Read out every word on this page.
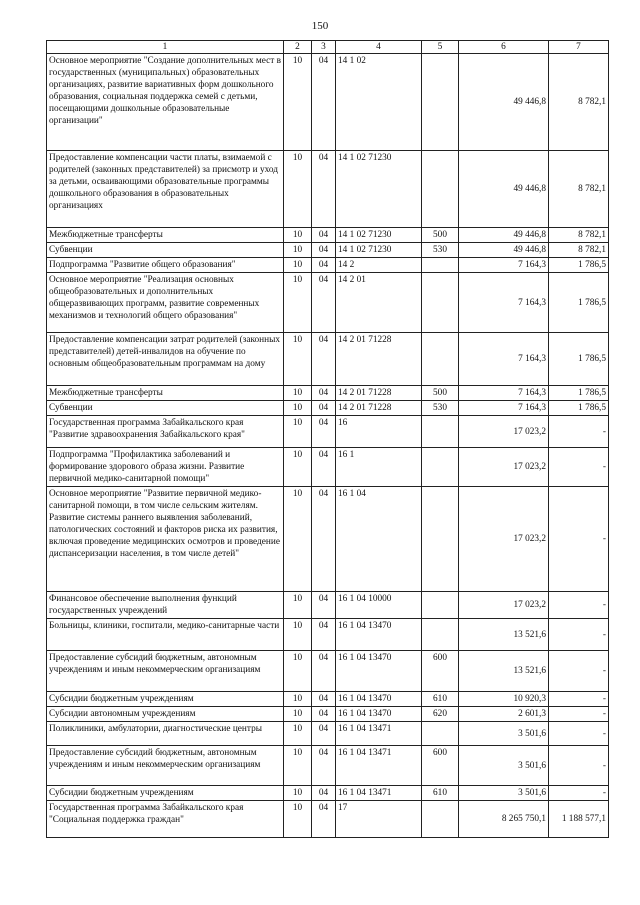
150
1	2	3	4	5	6	7
Основное мероприятие "Создание дополнительных мест в государственных (муниципальных) образовательных организациях, развитие вариативных форм дошкольного образования, социальная поддержка семей с детьми, посещающими дошкольные образовательные организации"	10	04	14 1 02		49 446,8	8 782,1
Предоставление компенсации части платы, взимаемой с родителей (законных представителей) за присмотр и уход за детьми, осваивающими образовательные программы дошкольного образования в образовательных организациях	10	04	14 1 02 71230		49 446,8	8 782,1
Межбюджетные трансферты	10	04	14 1 02 71230	500	49 446,8	8 782,1
Субвенции	10	04	14 1 02 71230	530	49 446,8	8 782,1
Подпрограмма "Развитие общего образования"	10	04	14 2		7 164,3	1 786,5
Основное мероприятие "Реализация основных общеобразовательных и дополнительных общеразвивающих программ, развитие современных механизмов и технологий общего образования"	10	04	14 2 01		7 164,3	1 786,5
Предоставление компенсации затрат родителей (законных представителей) детей-инвалидов на обучение по основным общеобразовательным программам на дому	10	04	14 2 01 71228		7 164,3	1 786,5
Межбюджетные трансферты	10	04	14 2 01 71228	500	7 164,3	1 786,5
Субвенции	10	04	14 2 01 71228	530	7 164,3	1 786,5
Государственная программа Забайкальского края "Развитие здравоохранения Забайкальского края"	10	04	16		17 023,2	-
Подпрограмма "Профилактика заболеваний и формирование здорового образа жизни. Развитие первичной медико-санитарной помощи"	10	04	16 1		17 023,2	-
Основное мероприятие "Развитие первичной медико-санитарной помощи, в том числе сельским жителям. Развитие системы раннего выявления заболеваний, патологических состояний и факторов риска их развития, включая проведение медицинских осмотров и проведение диспансеризации населения, в том числе детей"	10	04	16 1 04		17 023,2	-
Финансовое обеспечение выполнения функций государственных учреждений	10	04	16 1 04 10000		17 023,2	-
Больницы, клиники, госпитали, медико-санитарные части	10	04	16 1 04 13470		13 521,6	-
Предоставление субсидий бюджетным, автономным учреждениям и иным некоммерческим организациям	10	04	16 1 04 13470	600	13 521,6	-
Субсидии бюджетным учреждениям	10	04	16 1 04 13470	610	10 920,3	-
Субсидии автономным учреждениям	10	04	16 1 04 13470	620	2 601,3	-
Поликлиники, амбулатории, диагностические центры	10	04	16 1 04 13471		3 501,6	-
Предоставление субсидий бюджетным, автономным учреждениям и иным некоммерческим организациям	10	04	16 1 04 13471	600	3 501,6	-
Субсидии бюджетным учреждениям	10	04	16 1 04 13471	610	3 501,6	-
Государственная программа Забайкальского края "Социальная поддержка граждан"	10	04	17		8 265 750,1	1 188 577,1
